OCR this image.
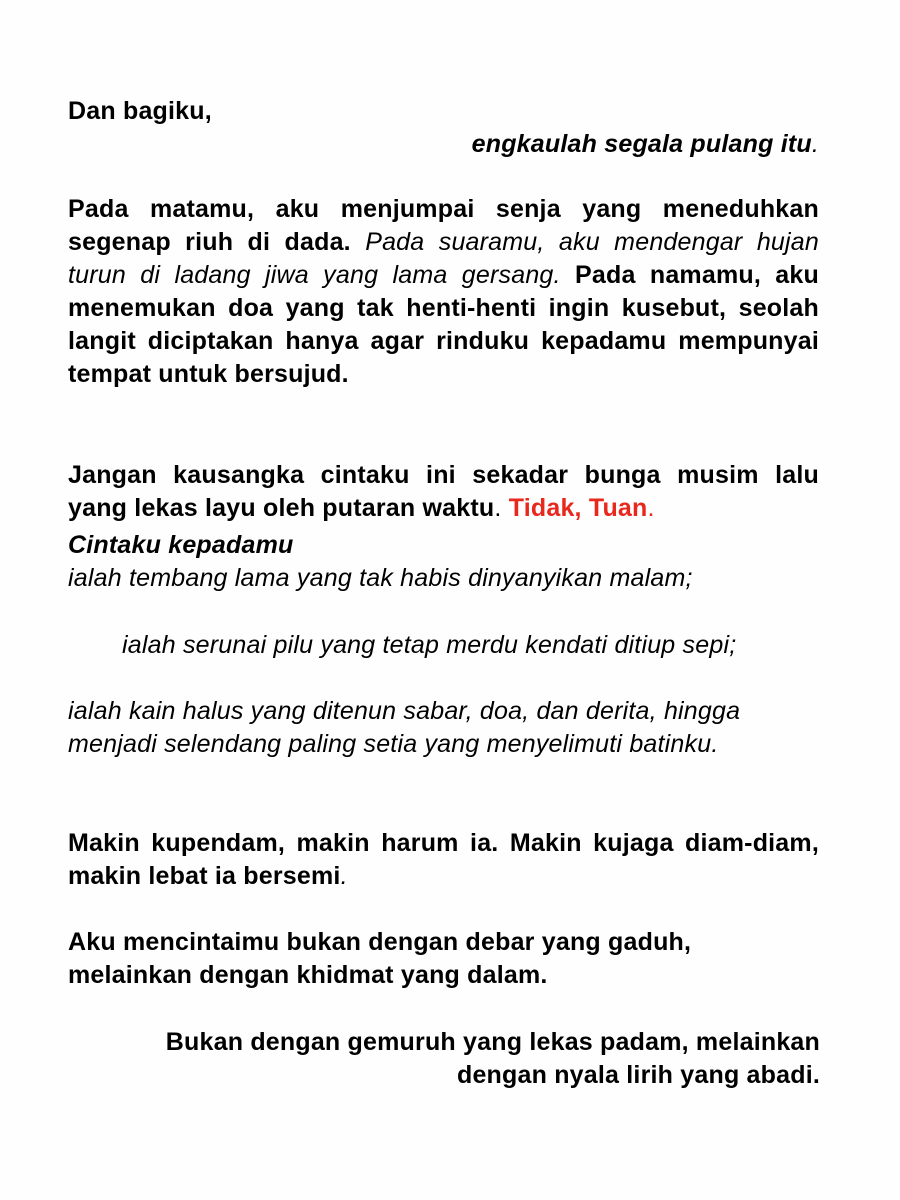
Dan bagiku,

engkaulah segala pulang itu.

Pada matamu, aku menjumpai senja yang meneduhkan segenap riuh di dada. Pada suaramu, aku mendengar hujan turun di ladang jiwa yang lama gersang. Pada namamu, aku menemukan doa yang tak henti-henti ingin kusebut, seolah langit diciptakan hanya agar rinduku kepadamu mempunyai tempat untuk bersujud.

Jangan kausangka cintaku ini sekadar bunga musim lalu yang lekas layu oleh putaran waktu. Tidak, Tuan.

Cintaku kepadamu

ialah tembang lama yang tak habis dinyanyikan malam;

ialah serunai pilu yang tetap merdu kendati ditiup sepi;

ialah kain halus yang ditenun sabar, doa, dan derita, hingga menjadi selendang paling setia yang menyelimuti batinku.

Makin kupendam, makin harum ia. Makin kujaga diam-diam, makin lebat ia bersemi.

Aku mencintaimu bukan dengan debar yang gaduh, melainkan dengan khidmat yang dalam.

Bukan dengan gemuruh yang lekas padam, melainkan

dengan nyala lirih yang abadi.
